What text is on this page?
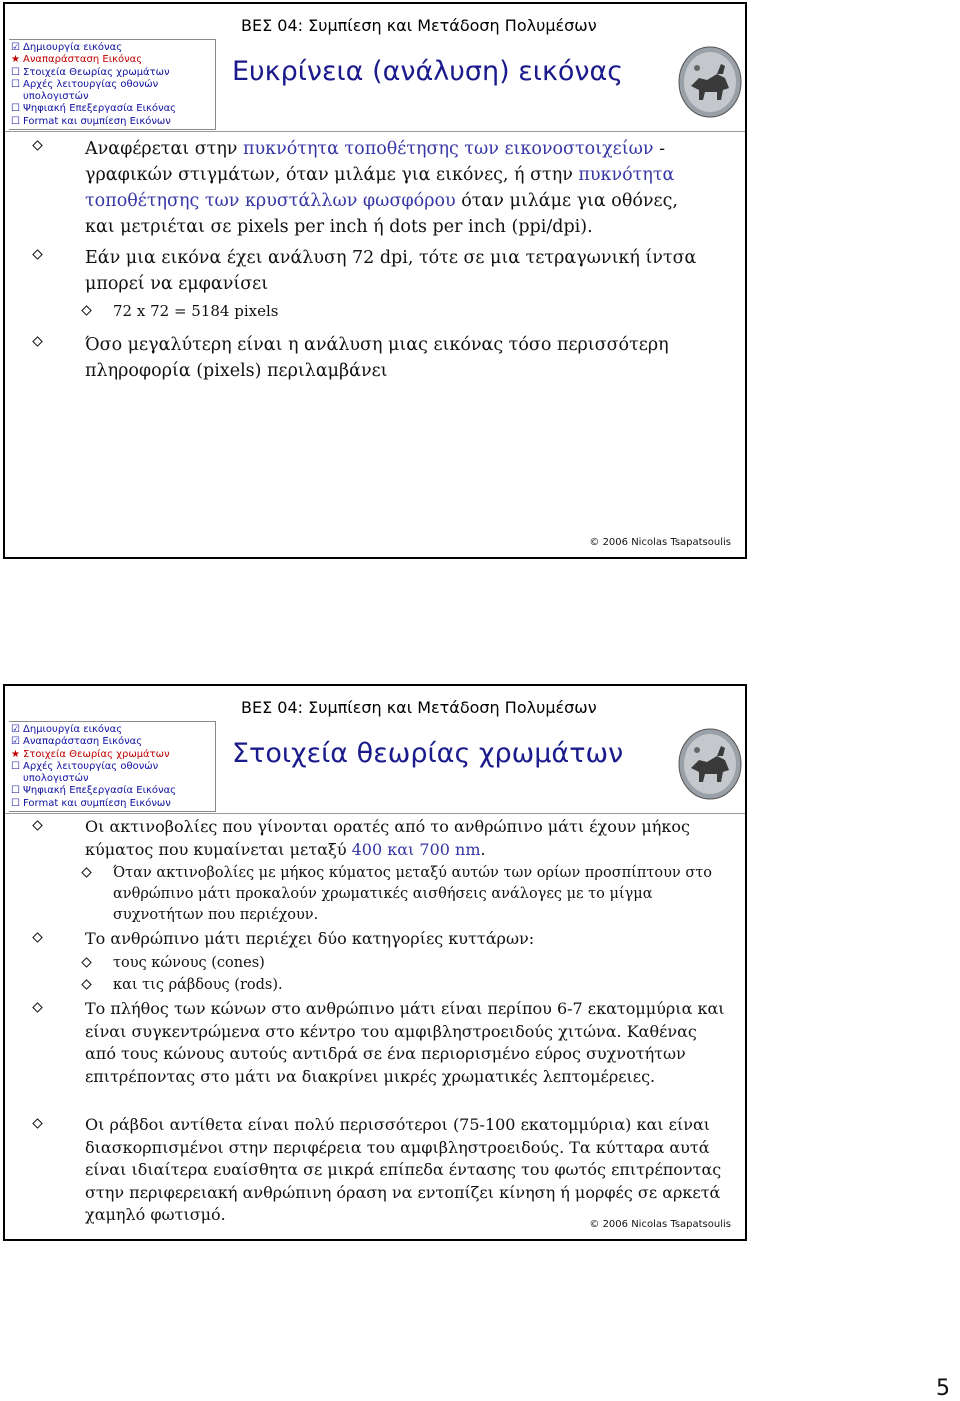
ΒΕΣ 04: Συμπίεση και Μετάδοση Πολυμέσων
☑ Δημιουργία εικόνας
★ Αναπαράσταση Εικόνας
☐ Στοιχεία Θεωρίας χρωμάτων
☐ Αρχές λειτουργίας οθονών
υπολογιστών
☐ Ψηφιακή Επεξεργασία Εικόνας
☐ Format και συμπίεση Εικόνων
Ευκρίνεια (ανάλυση) εικόνας
Αναφέρεται στην πυκνότητα τοποθέτησης των εικονοστοιχείων - γραφικών στιγμάτων, όταν μιλάμε για εικόνες, ή στην πυκνότητα τοποθέτησης των κρυστάλλων φωσφόρου όταν μιλάμε για οθόνες, και μετριέται σε pixels per inch ή dots per inch (ppi/dpi).
Εάν μια εικόνα έχει ανάλυση 72 dpi, τότε σε μια τετραγωνική ίντσα μπορεί να εμφανίσει
72 x 72 = 5184 pixels
Όσο μεγαλύτερη είναι η ανάλυση μιας εικόνας τόσο περισσότερη πληροφορία (pixels) περιλαμβάνει
© 2006 Nicolas Tsapatsoulis
ΒΕΣ 04: Συμπίεση και Μετάδοση Πολυμέσων
☑ Δημιουργία εικόνας
☑ Αναπαράσταση Εικόνας
★ Στοιχεία Θεωρίας χρωμάτων
☐ Αρχές λειτουργίας οθονών
υπολογιστών
☐ Ψηφιακή Επεξεργασία Εικόνας
☐ Format και συμπίεση Εικόνων
Στοιχεία θεωρίας χρωμάτων
Οι ακτινοβολίες που γίνονται ορατές από το ανθρώπινο μάτι έχουν μήκος κύματος που κυμαίνεται μεταξύ 400 και 700 nm.
Όταν ακτινοβολίες με μήκος κύματος μεταξύ αυτών των ορίων προσπίπτουν στο ανθρώπινο μάτι προκαλούν χρωματικές αισθήσεις ανάλογες με το μίγμα συχνοτήτων που περιέχουν.
Το ανθρώπινο μάτι περιέχει δύο κατηγορίες κυττάρων:
τους κώνους (cones)
και τις ράβδους (rods).
Το πλήθος των κώνων στο ανθρώπινο μάτι είναι περίπου 6-7 εκατομμύρια και είναι συγκεντρώμενα στο κέντρο του αμφιβληστροειδούς χιτώνα. Καθένας από τους κώνους αυτούς αντιδρά σε ένα περιορισμένο εύρος συχνοτήτων επιτρέποντας στο μάτι να διακρίνει μικρές χρωματικές λεπτομέρειες.
Οι ράβδοι αντίθετα είναι πολύ περισσότεροι (75-100 εκατομμύρια) και είναι διασκορπισμένοι στην περιφέρεια του αμφιβληστροειδούς. Τα κύτταρα αυτά είναι ιδιαίτερα ευαίσθητα σε μικρά επίπεδα έντασης του φωτός επιτρέποντας στην περιφερειακή ανθρώπινη όραση να εντοπίζει κίνηση ή μορφές σε αρκετά χαμηλό φωτισμό.
© 2006 Nicolas Tsapatsoulis
5
